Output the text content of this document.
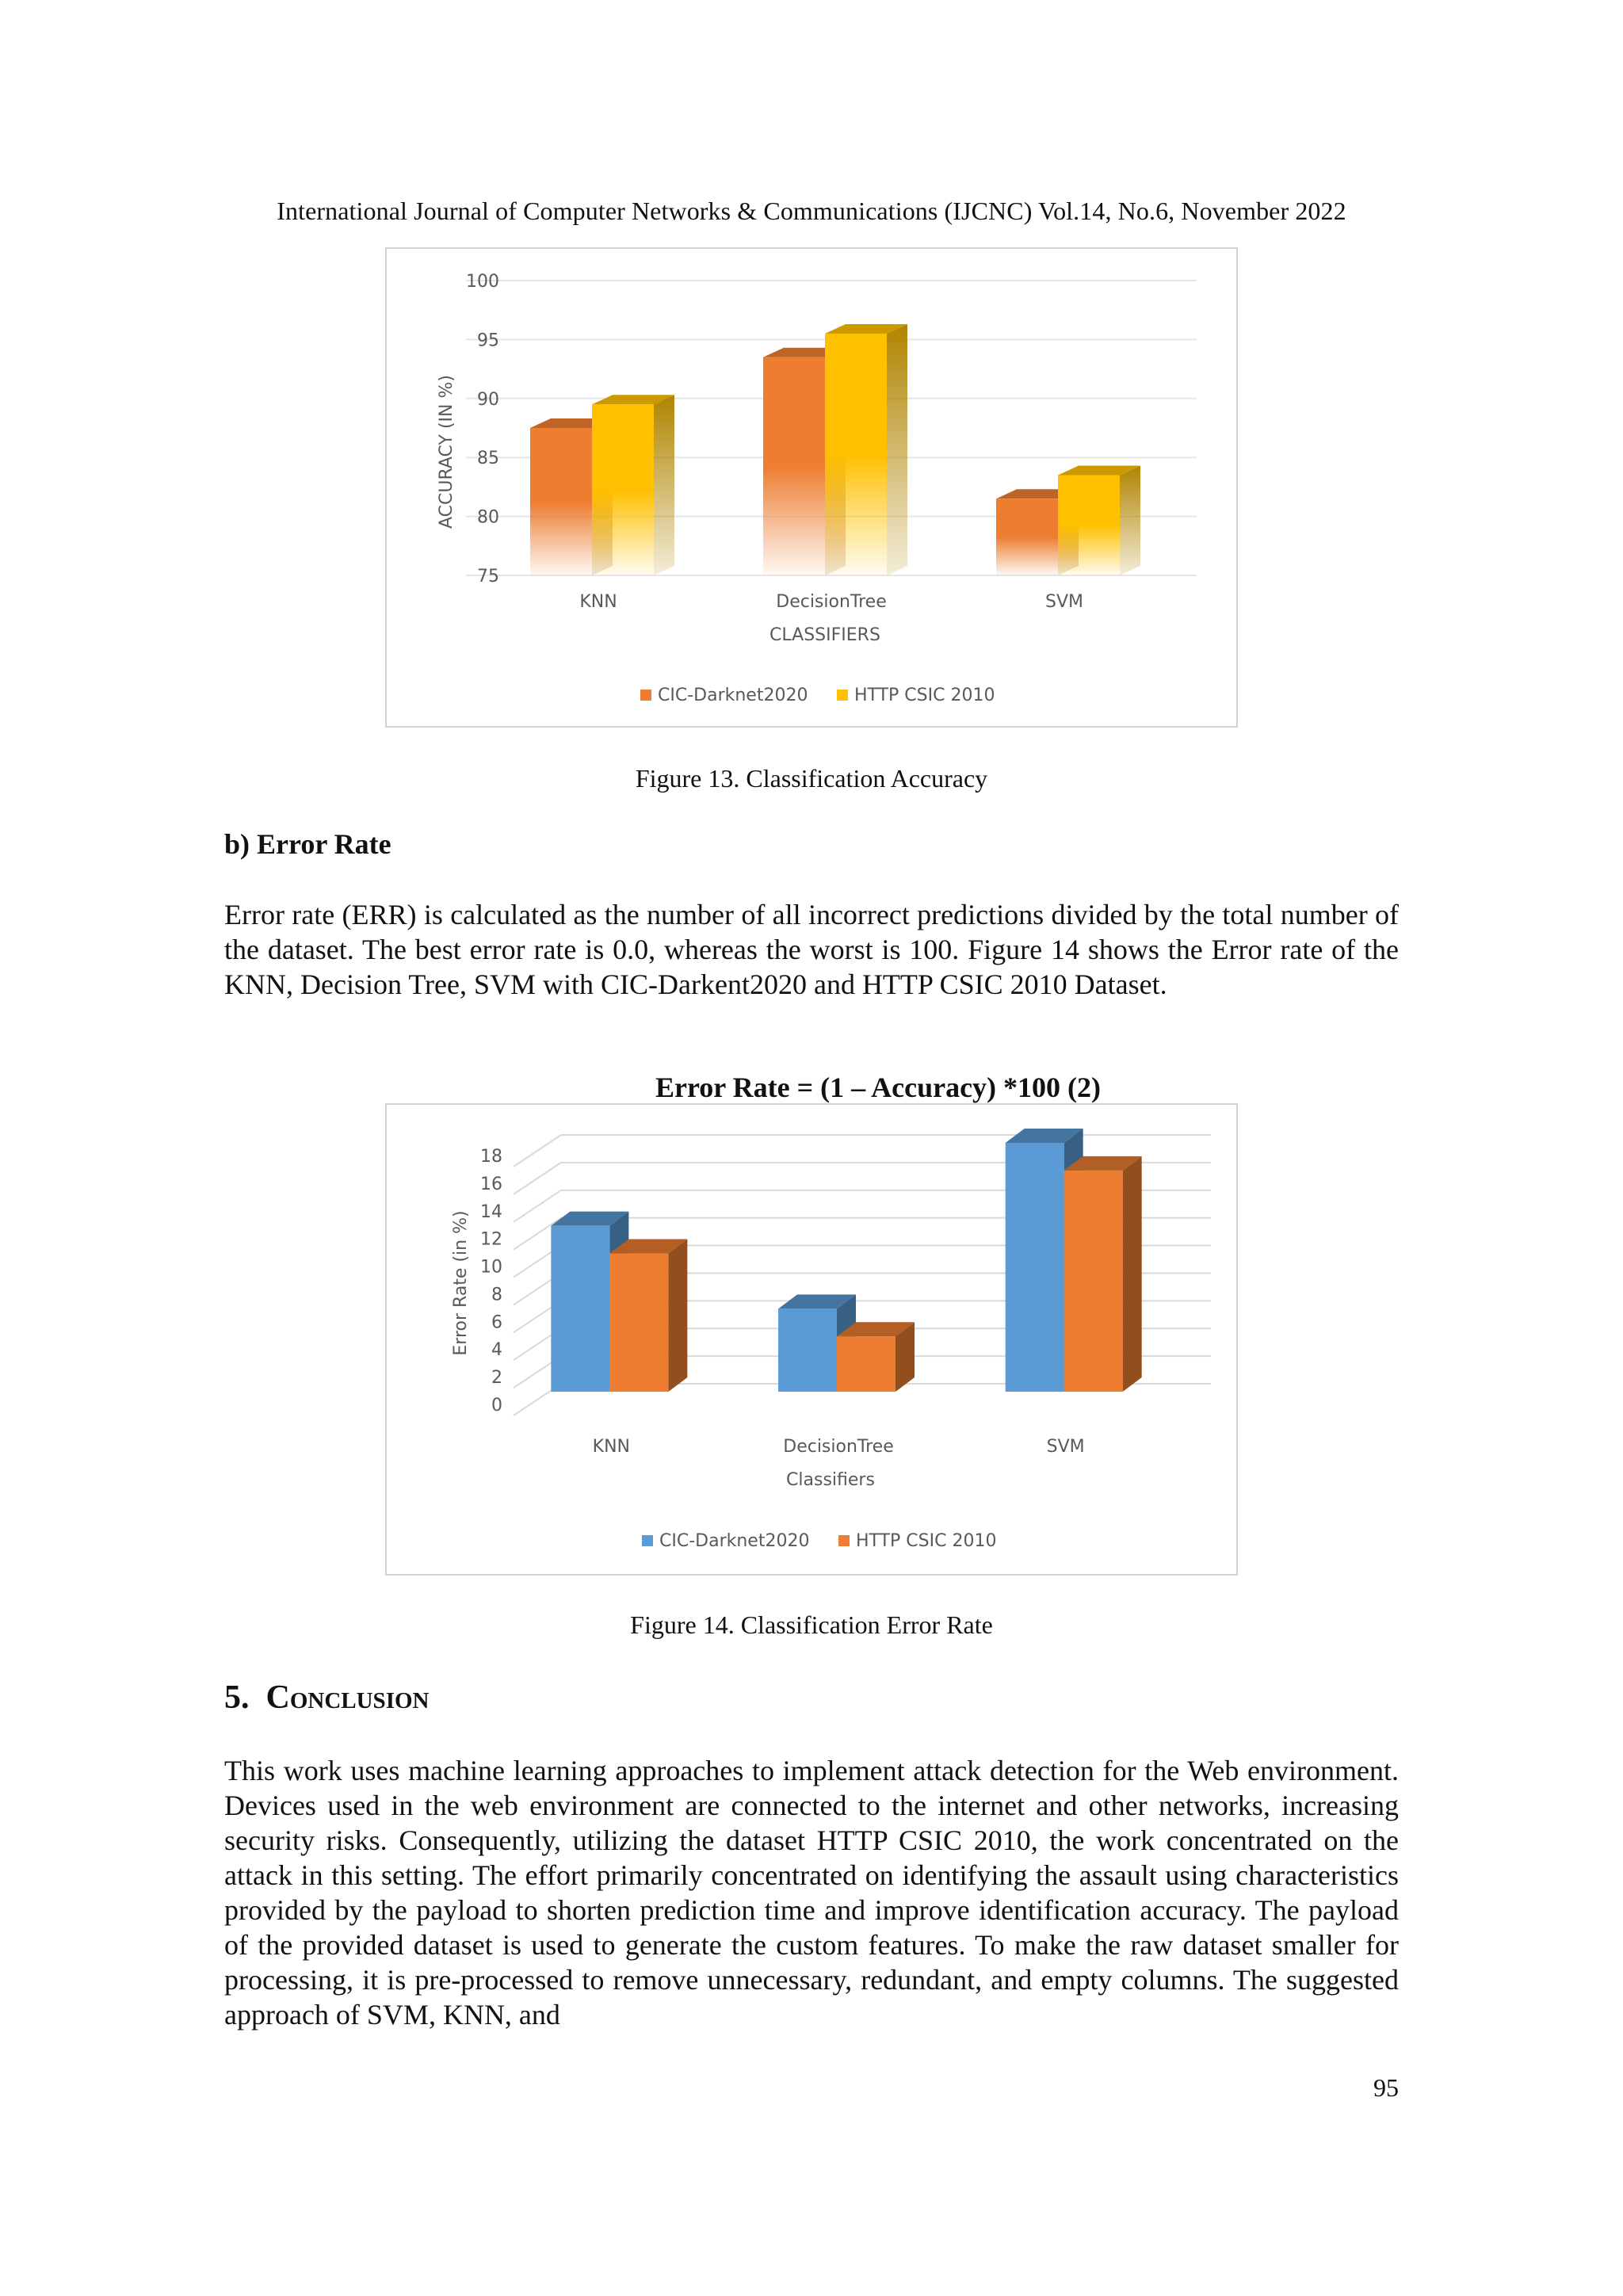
International Journal of Computer Networks & Communications (IJCNC) Vol.14, No.6, November 2022
75
80
85
90
95
100
ACCURACY (IN %)
KNN	DecisionTree	SVM
CLASSIFIERS
CIC-Darknet2020	HTTP CSIC 2010
Figure 13. Classification Accuracy
b) Error Rate
Error rate (ERR) is calculated as the number of all incorrect predictions divided by the total number of the dataset. The best error rate is 0.0, whereas the worst is 100. Figure 14 shows the Error rate of the KNN, Decision Tree, SVM with CIC-Darkent2020 and HTTP CSIC 2010 Dataset.
Error Rate = (1 – Accuracy) *100 (2)
0
2
4
6
8
10
12
14
16
18
Error Rate (in %)
KNN	DecisionTree	SVM
Classifiers
CIC-Darknet2020	HTTP CSIC 2010
Figure 14. Classification Error Rate
5. Conclusion
This work uses machine learning approaches to implement attack detection for the Web environment. Devices used in the web environment are connected to the internet and other networks, increasing security risks. Consequently, utilizing the dataset HTTP CSIC 2010, the work concentrated on the attack in this setting. The effort primarily concentrated on identifying the assault using characteristics provided by the payload to shorten prediction time and improve identification accuracy. The payload of the provided dataset is used to generate the custom features. To make the raw dataset smaller for processing, it is pre-processed to remove unnecessary, redundant, and empty columns. The suggested approach of SVM, KNN, and
95
